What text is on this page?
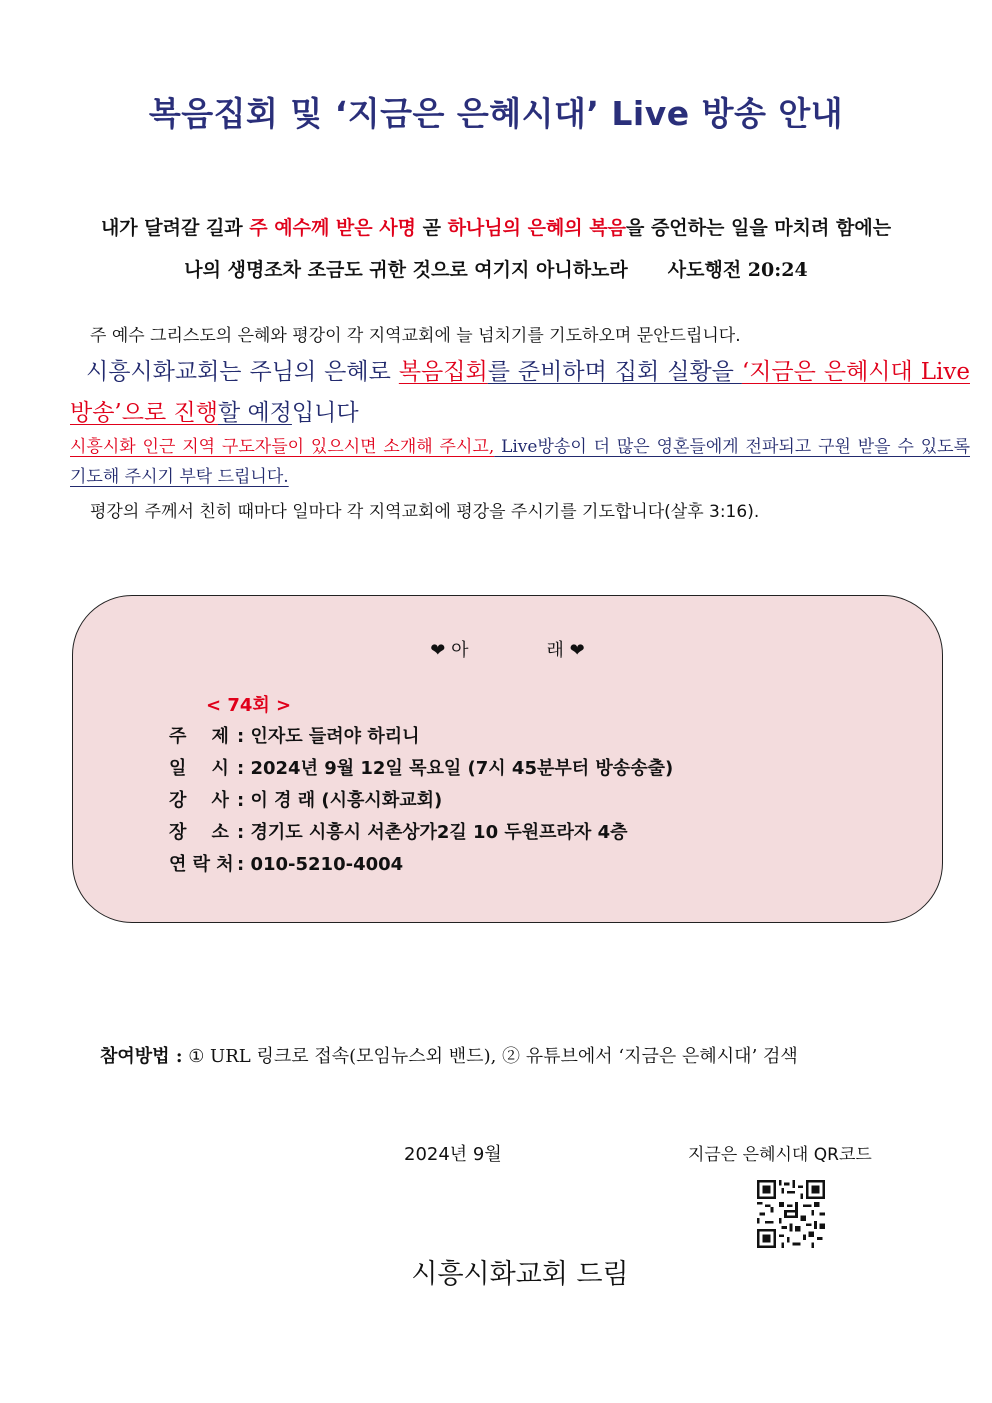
복음집회 및 ‘지금은 은혜시대’ Live 방송 안내
내가 달려갈 길과 주 예수께 받은 사명 곧 하나님의 은혜의 복음을 증언하는 일을 마치려 함에는
나의 생명조차 조금도 귀한 것으로 여기지 아니하노라 사도행전 20:24
주 예수 그리스도의 은혜와 평강이 각 지역교회에 늘 넘치기를 기도하오며 문안드립니다.
시흥시화교회는 주님의 은혜로 복음집회를 준비하며 집회 실황을 ‘지금은 은혜시대 Live 방송’으로 진행할 예정입니다
시흥시화 인근 지역 구도자들이 있으시면 소개해 주시고, Live방송이 더 많은 영혼들에게 전파되고 구원 받을 수 있도록 기도해 주시기 부탁 드립니다.
평강의 주께서 친히 때마다 일마다 각 지역교회에 평강을 주시기를 기도합니다(살후 3:16).
❤ 아	래 ❤
< 74회 >
주    제 : 인자도 들려야 하리니
일    시 : 2024년 9월 12일 목요일 (7시 45분부터 방송송출)
강    사 : 이 경 래 (시흥시화교회)
장    소 : 경기도 시흥시 서촌상가2길 10 두원프라자 4층
연 락 처 : 010-5210-4004
참여방법 : ① URL 링크로 접속(모임뉴스외 밴드), ② 유튜브에서 ‘지금은 은혜시대’ 검색
2024년 9월	지금은 은혜시대 QR코드
시흥시화교회 드림
